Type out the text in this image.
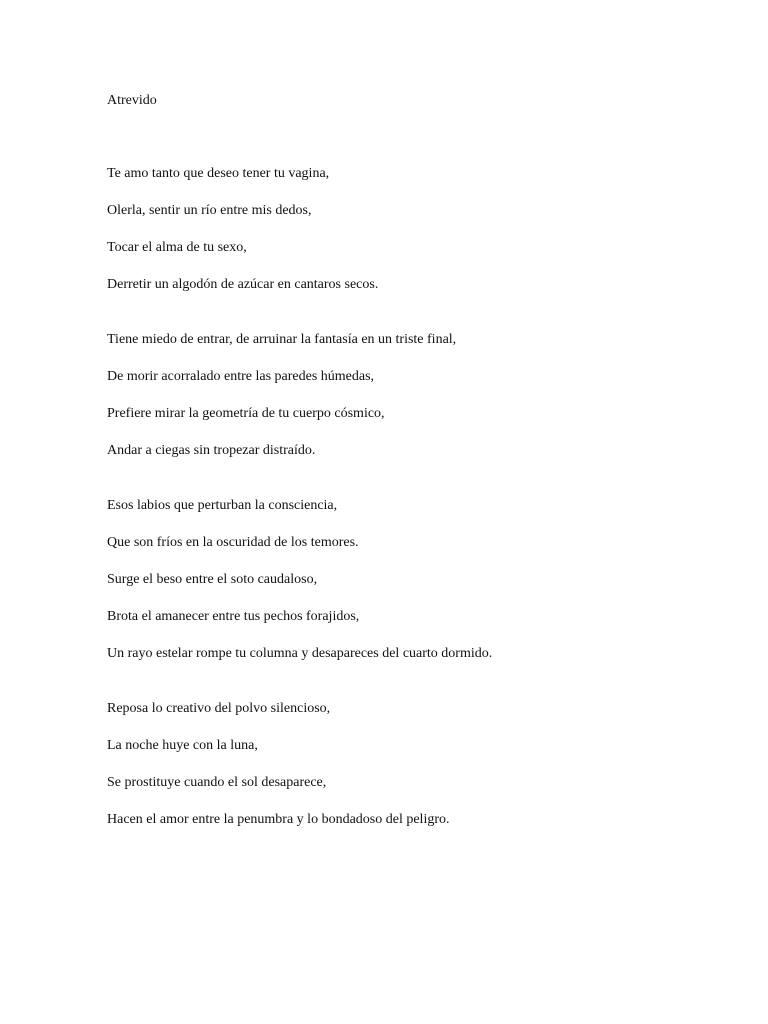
Atrevido
Te amo tanto que deseo tener tu vagina,
Olerla, sentir un río entre mis dedos,
Tocar el alma de tu sexo,
Derretir un algodón de azúcar en cantaros secos.
Tiene miedo de entrar, de arruinar la fantasía en un triste final,
De morir acorralado entre las paredes húmedas,
Prefiere mirar la geometría de tu cuerpo cósmico,
Andar a ciegas sin tropezar distraído.
Esos labios que perturban la consciencia,
Que son fríos en la oscuridad de los temores.
Surge el beso entre el soto caudaloso,
Brota el amanecer entre tus pechos forajidos,
Un rayo estelar rompe tu columna y desapareces del cuarto dormido.
Reposa lo creativo del polvo silencioso,
La noche huye con la luna,
Se prostituye cuando el sol desaparece,
Hacen el amor entre la penumbra y lo bondadoso del peligro.
